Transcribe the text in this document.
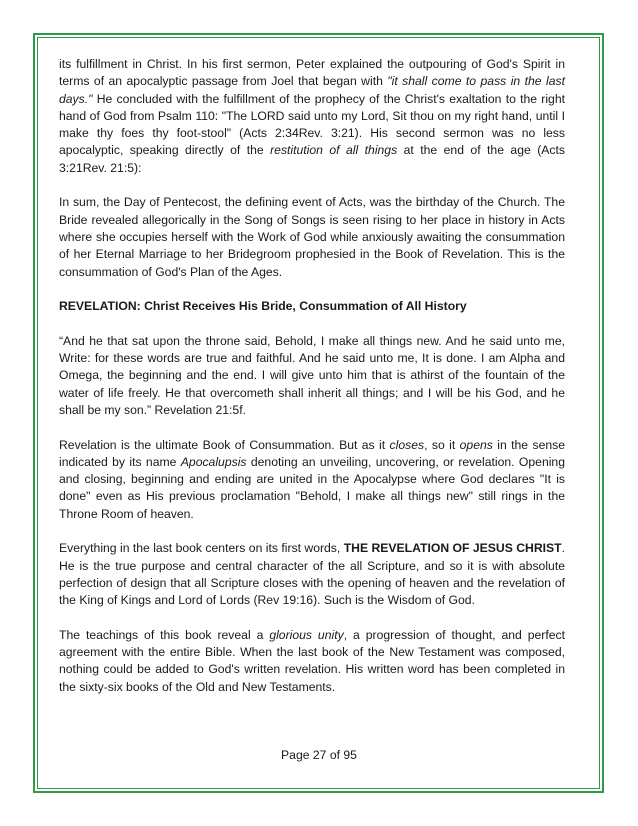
its fulfillment in Christ. In his first sermon, Peter explained the outpouring of God's Spirit in terms of an apocalyptic passage from Joel that began with "it shall come to pass in the last days." He concluded with the fulfillment of the prophecy of the Christ's exaltation to the right hand of God from Psalm 110: "The LORD said unto my Lord, Sit thou on my right hand, until I make thy foes thy foot-stool" (Acts 2:34Rev. 3:21). His second sermon was no less apocalyptic, speaking directly of the restitution of all things at the end of the age (Acts 3:21Rev. 21:5):

In sum, the Day of Pentecost, the defining event of Acts, was the birthday of the Church. The Bride revealed allegorically in the Song of Songs is seen rising to her place in history in Acts where she occupies herself with the Work of God while anxiously awaiting the consummation of her Eternal Marriage to her Bridegroom prophesied in the Book of Revelation. This is the consummation of God's Plan of the Ages.

REVELATION: Christ Receives His Bride, Consummation of All History

“And he that sat upon the throne said, Behold, I make all things new. And he said unto me, Write: for these words are true and faithful. And he said unto me, It is done. I am Alpha and Omega, the beginning and the end. I will give unto him that is athirst of the fountain of the water of life freely. He that overcometh shall inherit all things; and I will be his God, and he shall be my son.” Revelation 21:5f.

Revelation is the ultimate Book of Consummation. But as it closes, so it opens in the sense indicated by its name Apocalupsis denoting an unveiling, uncovering, or revelation. Opening and closing, beginning and ending are united in the Apocalypse where God declares "It is done" even as His previous proclamation "Behold, I make all things new" still rings in the Throne Room of heaven.

Everything in the last book centers on its first words, THE REVELATION OF JESUS CHRIST. He is the true purpose and central character of the all Scripture, and so it is with absolute perfection of design that all Scripture closes with the opening of heaven and the revelation of the King of Kings and Lord of Lords (Rev 19:16). Such is the Wisdom of God.

The teachings of this book reveal a glorious unity, a progression of thought, and perfect agreement with the entire Bible. When the last book of the New Testament was composed, nothing could be added to God's written revelation. His written word has been completed in the sixty-six books of the Old and New Testaments.

Page 27 of 95
